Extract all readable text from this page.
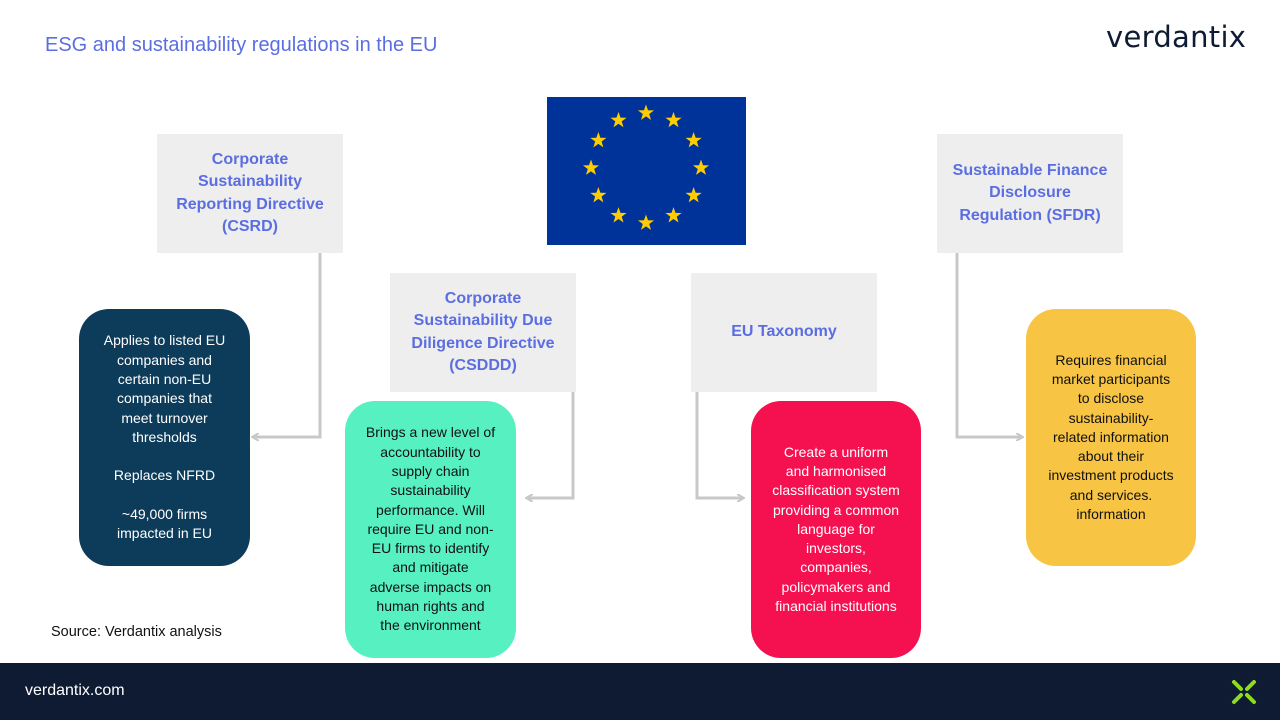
ESG and sustainability regulations in the EU	verdantix
Corporate
Sustainability
Reporting Directive
(CSRD)
Corporate
Sustainability Due
Diligence Directive
(CSDDD)
EU Taxonomy
Sustainable Finance
Disclosure
Regulation (SFDR)
Applies to listed EU
companies and
certain non-EU
companies that
meet turnover
thresholds

Replaces NFRD

~49,000 firms
impacted in EU
Brings a new level of
accountability to
supply chain
sustainability
performance. Will
require EU and non-
EU firms to identify
and mitigate
adverse impacts on
human rights and
the environment
Create a uniform
and harmonised
classification system
providing a common
language for
investors,
companies,
policymakers and
financial institutions
Requires financial
market participants
to disclose
sustainability-
related information
about their
investment products
and services.
information
Source: Verdantix analysis
verdantix.com
